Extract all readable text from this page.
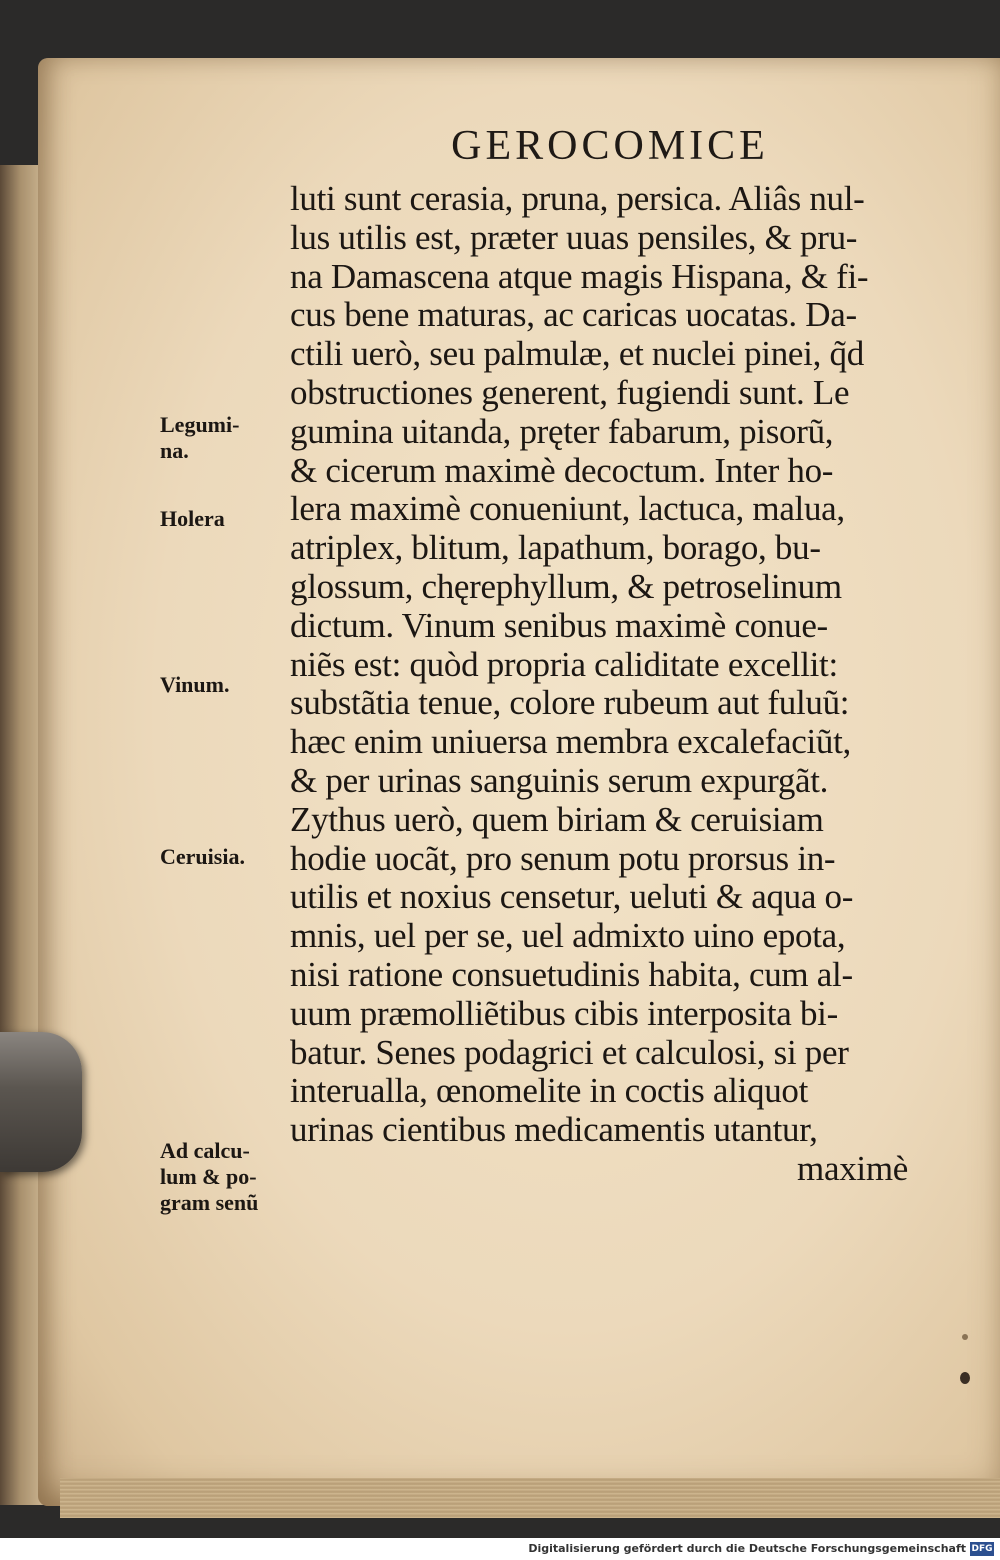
GEROCOMICE
luti sunt cerasia, pruna, persica. Aliâs nul-
lus utilis est, præter uuas pensiles, & pru-
na Damascena atque magis Hispana, & fi-
cus bene maturas, ac caricas uocatas. Da-
ctili uerò, seu palmulæ, et nuclei pinei, q̃d
obstructiones generent, fugiendi sunt. Le
gumina uitanda, pręter fabarum, pisorũ,
& cicerum maximè decoctum. Inter ho-
lera maximè conueniunt, lactuca, malua,
atriplex, blitum, lapathum, borago, bu-
glossum, chęrephyllum, & petroselinum
dictum. Vinum senibus maximè conue-
niẽs est: quòd propria caliditate excellit:
substãtia tenue, colore rubeum aut fuluũ:
hæc enim uniuersa membra excalefaciũt,
& per urinas sanguinis serum expurgãt.
Zythus uerò, quem biriam & ceruisiam
hodie uocãt, pro senum potu prorsus in-
utilis et noxius censetur, ueluti & aqua o-
mnis, uel per se, uel admixto uino epota,
nisi ratione consuetudinis habita, cum al-
uum præmolliẽtibus cibis interposita bi-
batur. Senes podagrici et calculosi, si per
interualla, œnomelite in coctis aliquot
urinas cientibus medicamentis utantur,
maximè
Legumi-
na.
Holera
Vinum.
Ceruisia.
Ad calcu-
lum & po-
gram senũ
Digitalisierung gefördert durch die Deutsche Forschungsgemeinschaft DFG
